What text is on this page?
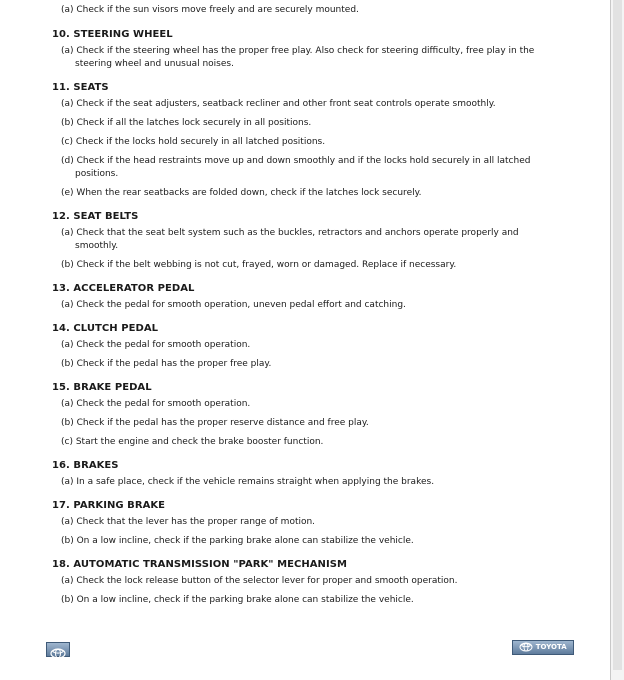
(a) Check if the sun visors move freely and are securely mounted.
10. STEERING WHEEL
(a) Check if the steering wheel has the proper free play. Also check for steering difficulty, free play in the steering wheel and unusual noises.
11. SEATS
(a) Check if the seat adjusters, seatback recliner and other front seat controls operate smoothly.
(b) Check if all the latches lock securely in all positions.
(c) Check if the locks hold securely in all latched positions.
(d) Check if the head restraints move up and down smoothly and if the locks hold securely in all latched positions.
(e) When the rear seatbacks are folded down, check if the latches lock securely.
12. SEAT BELTS
(a) Check that the seat belt system such as the buckles, retractors and anchors operate properly and smoothly.
(b) Check if the belt webbing is not cut, frayed, worn or damaged. Replace if necessary.
13. ACCELERATOR PEDAL
(a) Check the pedal for smooth operation, uneven pedal effort and catching.
14. CLUTCH PEDAL
(a) Check the pedal for smooth operation.
(b) Check if the pedal has the proper free play.
15. BRAKE PEDAL
(a) Check the pedal for smooth operation.
(b) Check if the pedal has the proper reserve distance and free play.
(c) Start the engine and check the brake booster function.
16. BRAKES
(a) In a safe place, check if the vehicle remains straight when applying the brakes.
17. PARKING BRAKE
(a) Check that the lever has the proper range of motion.
(b) On a low incline, check if the parking brake alone can stabilize the vehicle.
18. AUTOMATIC TRANSMISSION "PARK" MECHANISM
(a) Check the lock release button of the selector lever for proper and smooth operation.
(b) On a low incline, check if the parking brake alone can stabilize the vehicle.
TOYOTA
